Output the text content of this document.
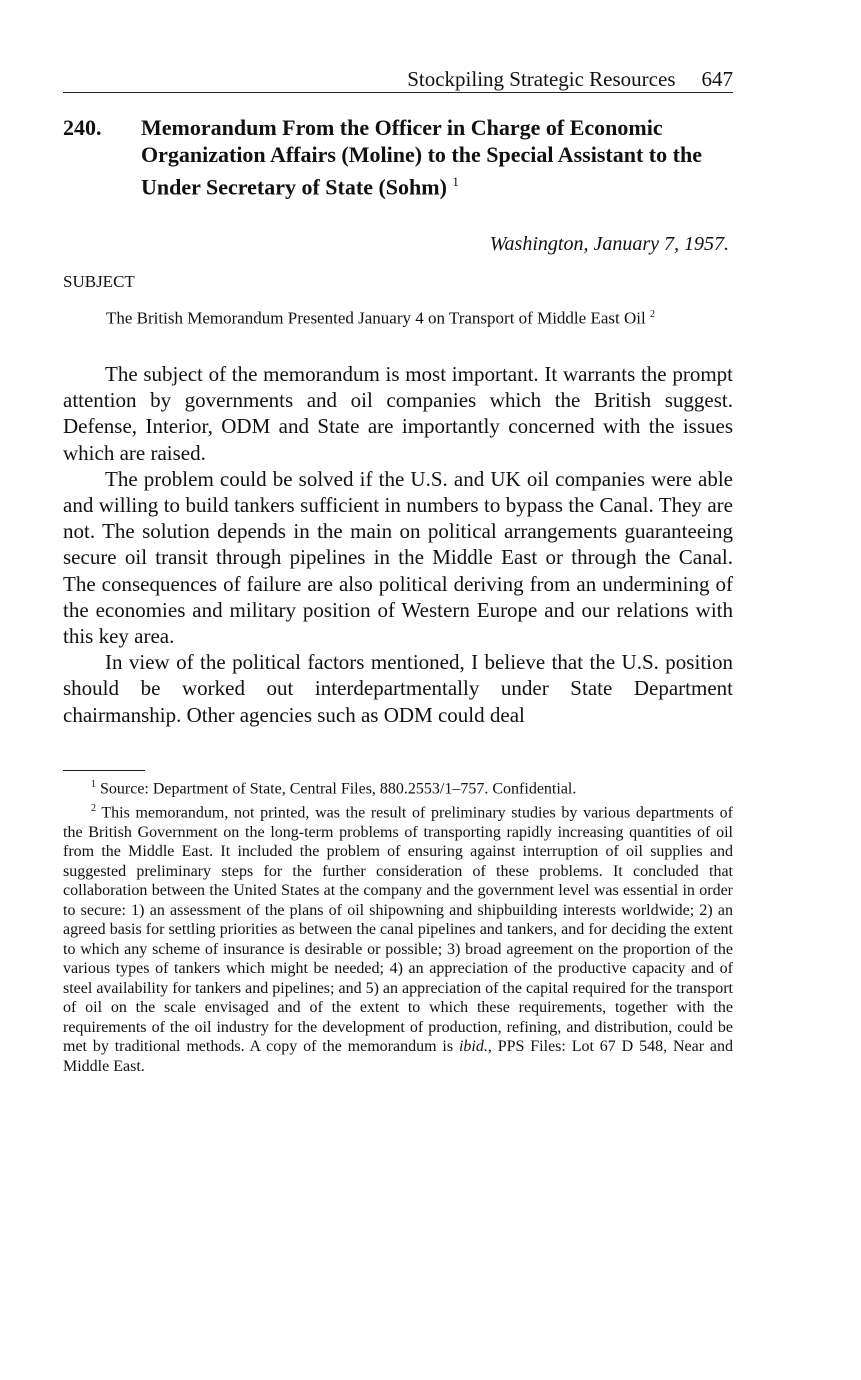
Stockpiling Strategic Resources 647
240. Memorandum From the Officer in Charge of Economic Organization Affairs (Moline) to the Special Assistant to the Under Secretary of State (Sohm) $^1$
Washington, January 7, 1957.
SUBJECT
The British Memorandum Presented January 4 on Transport of Middle East Oil $^2$

The subject of the memorandum is most important. It warrants the prompt attention by governments and oil companies which the British suggest. Defense, Interior, ODM and State are importantly concerned with the issues which are raised.

The problem could be solved if the U.S. and UK oil companies were able and willing to build tankers sufficient in numbers to bypass the Canal. They are not. The solution depends in the main on political arrangements guaranteeing secure oil transit through pipelines in the Middle East or through the Canal. The consequences of failure are also political deriving from an undermining of the economies and military position of Western Europe and our relations with this key area.

In view of the political factors mentioned, I believe that the U.S. position should be worked out interdepartmentally under State Department chairmanship. Other agencies such as ODM could deal

$^1$ Source: Department of State, Central Files, 880.2553/1–757. Confidential.

$^2$ This memorandum, not printed, was the result of preliminary studies by various departments of the British Government on the long-term problems of transporting rapidly increasing quantities of oil from the Middle East. It included the problem of ensuring against interruption of oil supplies and suggested preliminary steps for the further consideration of these problems. It concluded that collaboration between the United States at the company and the government level was essential in order to secure: 1) an assessment of the plans of oil shipowning and shipbuilding interests worldwide; 2) an agreed basis for settling priorities as between the canal pipelines and tankers, and for deciding the extent to which any scheme of insurance is desirable or possible; 3) broad agreement on the proportion of the various types of tankers which might be needed; 4) an appreciation of the productive capacity and of steel availability for tankers and pipelines; and 5) an appreciation of the capital required for the transport of oil on the scale envisaged and of the extent to which these requirements, together with the requirements of the oil industry for the development of production, refining, and distribution, could be met by traditional methods. A copy of the memorandum is ibid., PPS Files: Lot 67 D 548, Near and Middle East.
